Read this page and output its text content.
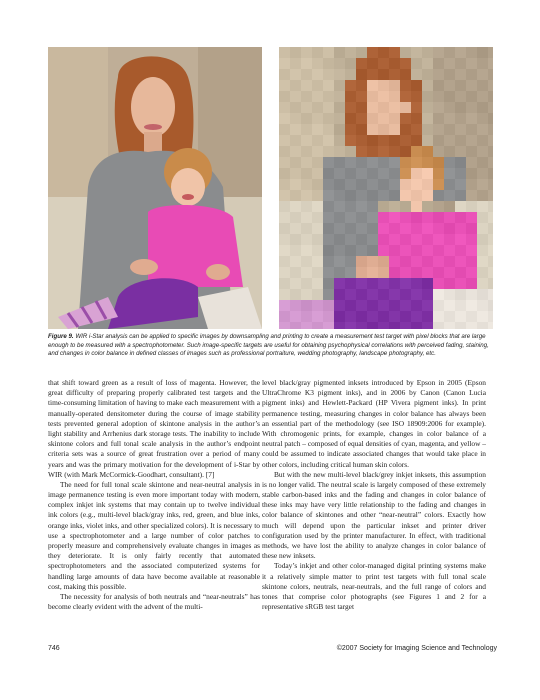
Figure 9. WIR i-Star analysis can be applied to specific images by downsampling and printing to create a measurement test target with pixel blocks that are large enough to be measured with a spectrophotometer. Such image-specific targets are useful for obtaining psychophysical correlations with perceived fading, staining, and changes in color balance in defined classes of images such as professional portraiture, wedding photography, landscape photography, etc.

that shift toward green as a result of loss of magenta. However, the great difficulty of preparing properly calibrated test targets and the time-consuming limitation of having to make each measurement with a manually-operated densitometer during the course of image stability tests prevented general adoption of skintone analysis in the author’s light stability and Arrhenius dark storage tests. The inability to include skintone colors and full tonal scale analysis in the author’s endpoint criteria sets was a source of great frustration over a period of many years and was the primary motivation for the development of i-Star by WIR (with Mark McCormick-Goodhart, consultant). [7]

The need for full tonal scale skintone and near-neutral analysis in image permanence testing is even more important today with modern, complex inkjet ink systems that may contain up to twelve individual ink colors (e.g., multi-level black/gray inks, red, green, and blue inks, orange inks, violet inks, and other specialized colors). It is necessary to use a spectrophotometer and a large number of color patches to properly measure and comprehensively evaluate changes in images as they deteriorate. It is only fairly recently that automated spectrophotometers and the associated computerized systems for handling large amounts of data have become available at reasonable cost, making this possible.

The necessity for analysis of both neutrals and “near-neutrals” has become clearly evident with the advent of the multi-

level black/gray pigmented inksets introduced by Epson in 2005 (Epson UltraChrome K3 pigment inks), and in 2006 by Canon (Canon Lucia pigment inks) and Hewlett-Packard (HP Vivera pigment inks). In print permanence testing, measuring changes in color balance has always been an essential part of the methodology (see ISO 18909:2006 for example). With chromogenic prints, for example, changes in color balance of a neutral patch – composed of equal densities of cyan, magenta, and yellow – could be assumed to indicate associated changes that would take place in other colors, including critical human skin colors.

But with the new multi-level black/grey inkjet inksets, this assumption is no longer valid. The neutral scale is largely composed of these extremely stable carbon-based inks and the fading and changes in color balance of these inks may have very little relationship to the fading and changes in color balance of skintones and other “near-neutral” colors. Exactly how much will depend upon the particular inkset and printer driver configuration used by the printer manufacturer. In effect, with traditional methods, we have lost the ability to analyze changes in color balance of these new inksets.

Today’s inkjet and other color-managed digital printing systems make it a relatively simple matter to print test targets with full tonal scale skintone colors, neutrals, near-neutrals, and the full range of colors and tones that comprise color photographs (see Figures 1 and 2 for a representative sRGB test target

746	©2007 Society for Imaging Science and Technology
